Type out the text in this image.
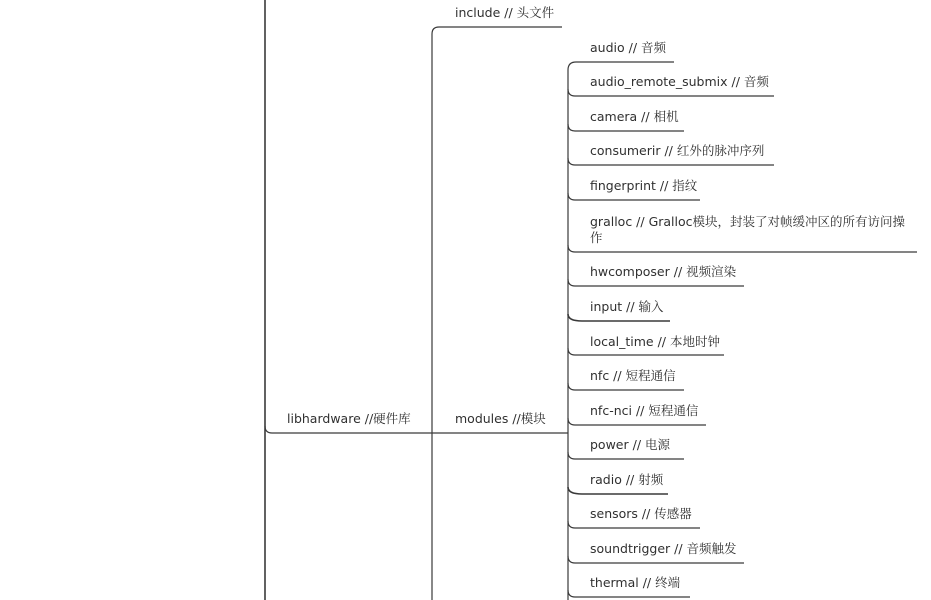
libhardware //硬件库
include // 头文件
modules //模块
audio // 音频
audio_remote_submix // 音频
camera // 相机
consumerir // 红外的脉冲序列
fingerprint // 指纹
gralloc // Gralloc模块，封装了对帧缓冲区的所有访问操作
hwcomposer // 视频渲染
input // 输入
local_time // 本地时钟
nfc // 短程通信
nfc-nci // 短程通信
power // 电源
radio // 射频
sensors // 传感器
soundtrigger // 音频触发
thermal // 终端
